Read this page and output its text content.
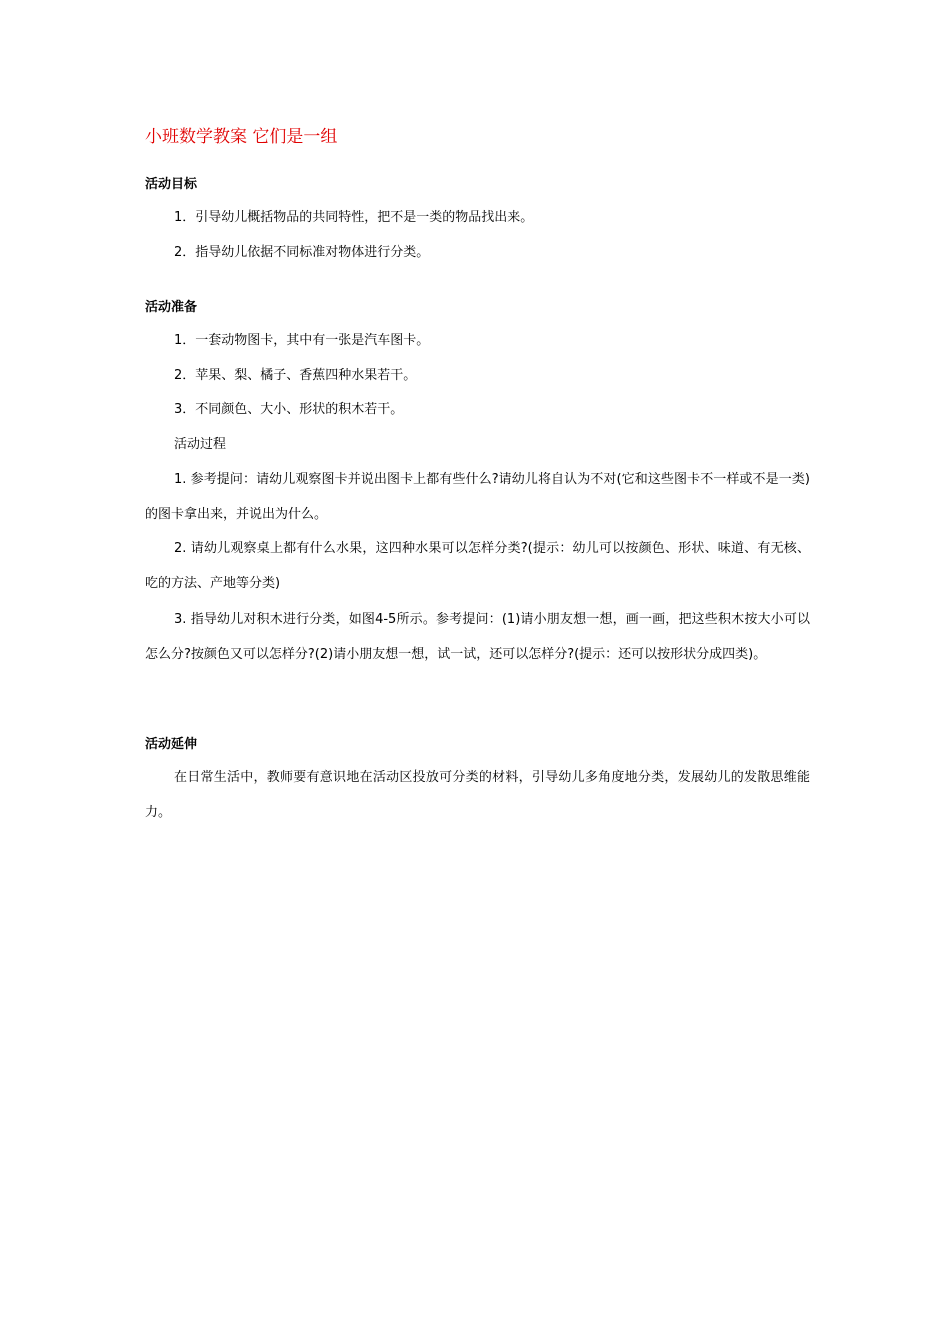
小班数学教案 它们是一组
活动目标
1．引导幼儿概括物品的共同特性，把不是一类的物品找出来。
2．指导幼儿依据不同标准对物体进行分类。
活动准备
1．一套动物图卡，其中有一张是汽车图卡。
2．苹果、梨、橘子、香蕉四种水果若干。
3．不同颜色、大小、形状的积木若干。
活动过程
1. 参考提问：请幼儿观察图卡并说出图卡上都有些什么?请幼儿将自认为不对(它和这些图卡不一样或不是一类)的图卡拿出来，并说出为什么。
2. 请幼儿观察桌上都有什么水果，这四种水果可以怎样分类?(提示：幼儿可以按颜色、形状、味道、有无核、吃的方法、产地等分类)
3. 指导幼儿对积木进行分类，如图4-5所示。参考提问：(1)请小朋友想一想，画一画，把这些积木按大小可以怎么分?按颜色又可以怎样分?(2)请小朋友想一想，试一试，还可以怎样分?(提示：还可以按形状分成四类)。
活动延伸
在日常生活中，教师要有意识地在活动区投放可分类的材料，引导幼儿多角度地分类，发展幼儿的发散思维能力。
